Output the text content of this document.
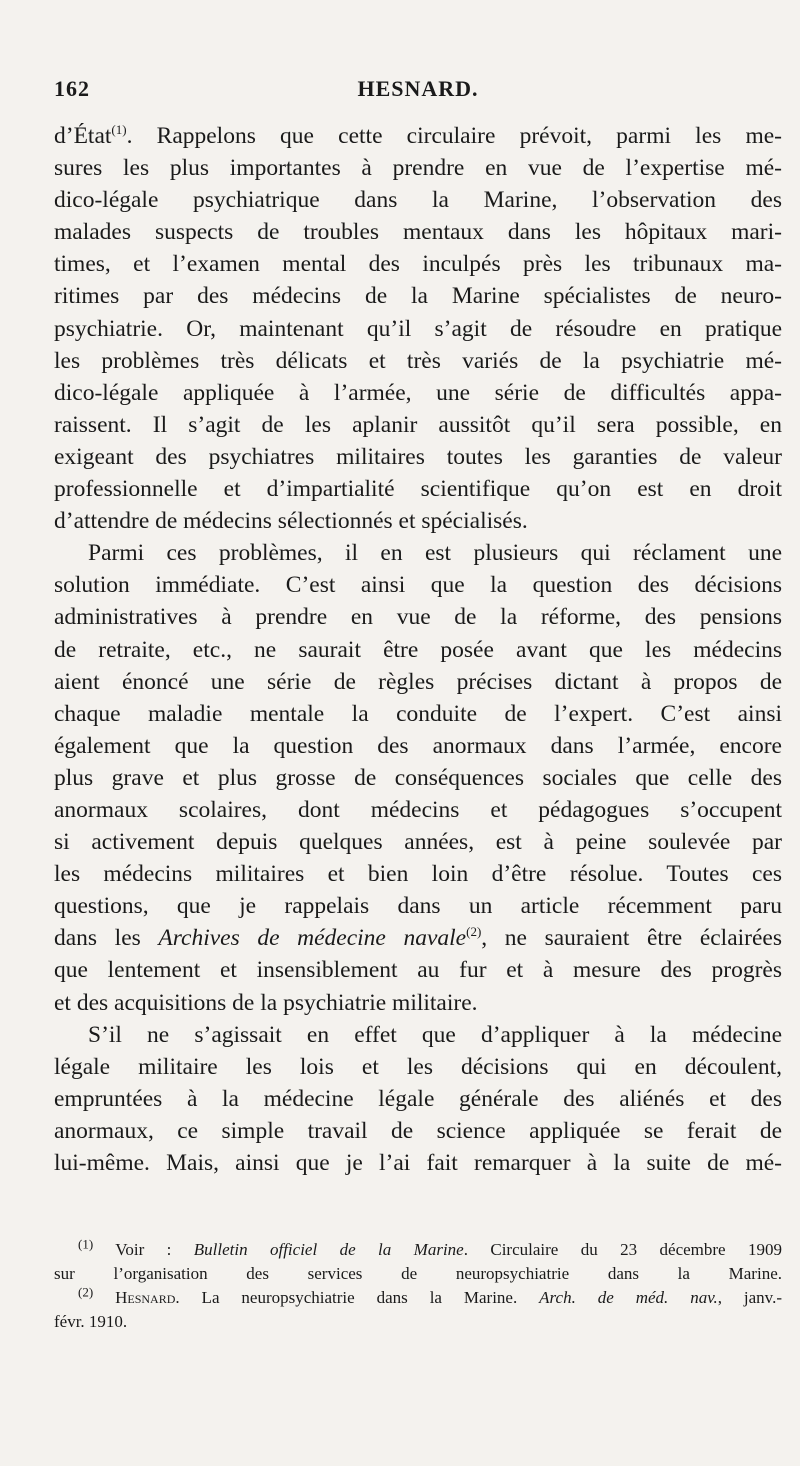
162	HESNARD.
d’État$^{(1)}$. Rappelons que cette circulaire prévoit, parmi les me-
sures les plus importantes à prendre en vue de l’expertise mé-
dico-légale psychiatrique dans la Marine, l’observation des
malades suspects de troubles mentaux dans les hôpitaux mari-
times, et l’examen mental des inculpés près les tribunaux ma-
ritimes par des médecins de la Marine spécialistes de neuro-
psychiatrie. Or, maintenant qu’il s’agit de résoudre en pratique
les problèmes très délicats et très variés de la psychiatrie mé-
dico-légale appliquée à l’armée, une série de difficultés appa-
raissent. Il s’agit de les aplanir aussitôt qu’il sera possible, en
exigeant des psychiatres militaires toutes les garanties de valeur
professionnelle et d’impartialité scientifique qu’on est en droit
d’attendre de médecins sélectionnés et spécialisés.
Parmi ces problèmes, il en est plusieurs qui réclament une
solution immédiate. C’est ainsi que la question des décisions
administratives à prendre en vue de la réforme, des pensions
de retraite, etc., ne saurait être posée avant que les médecins
aient énoncé une série de règles précises dictant à propos de
chaque maladie mentale la conduite de l’expert. C’est ainsi
également que la question des anormaux dans l’armée, encore
plus grave et plus grosse de conséquences sociales que celle des
anormaux scolaires, dont médecins et pédagogues s’occupent
si activement depuis quelques années, est à peine soulevée par
les médecins militaires et bien loin d’être résolue. Toutes ces
questions, que je rappelais dans un article récemment paru
dans les Archives de médecine navale$^{(2)}$, ne sauraient être éclairées
que lentement et insensiblement au fur et à mesure des progrès
et des acquisitions de la psychiatrie militaire.
S’il ne s’agissait en effet que d’appliquer à la médecine
légale militaire les lois et les décisions qui en découlent,
empruntées à la médecine légale générale des aliénés et des
anormaux, ce simple travail de science appliquée se ferait de
lui-même. Mais, ainsi que je l’ai fait remarquer à la suite de mé-
$^{(1)}$ Voir : Bulletin officiel de la Marine. Circulaire du 23 décembre 1909
sur l’organisation des services de neuropsychiatrie dans la Marine.
$^{(2)}$ Hesnard. La neuropsychiatrie dans la Marine. Arch. de méd. nav., janv.-
févr. 1910.
